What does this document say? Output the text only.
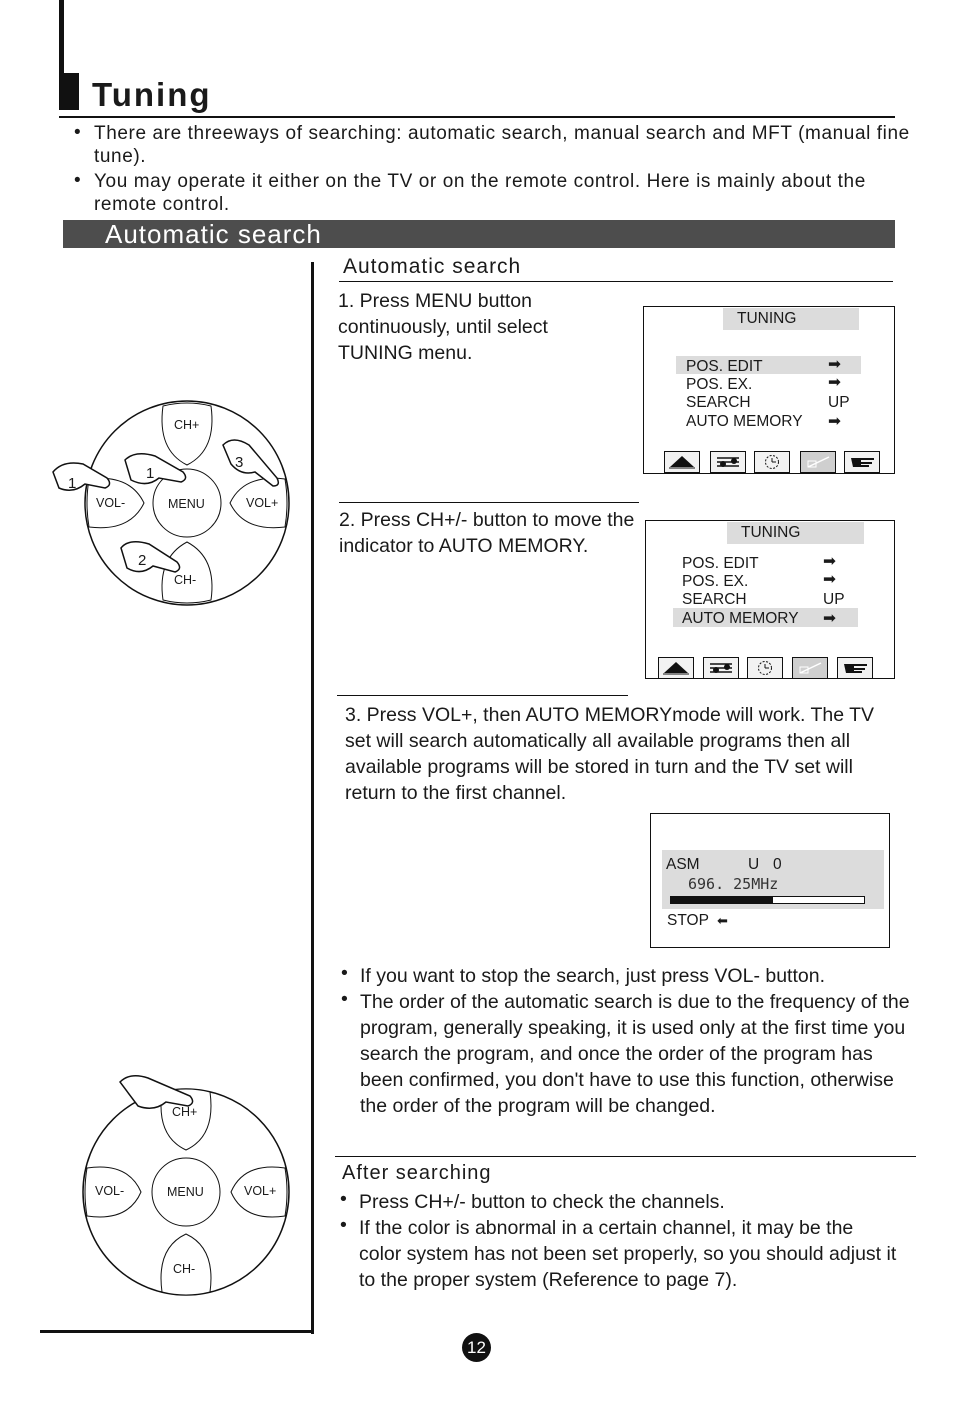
Tuning
• There are threeways of searching: automatic search, manual search and MFT (manual fine tune).
• You may operate it either on the TV or on the remote control. Here is mainly about the remote control.
Automatic search
Automatic search
1. Press MENU button continuously, until select TUNING menu.
TUNING
POS. EDIT	➡
POS. EX.	➡
SEARCH	UP
AUTO MEMORY ➡
2. Press CH+/- button to move the indicator to AUTO MEMORY.
TUNING
POS. EDIT	➡
POS. EX.	➡
SEARCH	UP
AUTO MEMORY ➡
3. Press VOL+, then AUTO MEMORYmode will work. The TV set will search automatically all available programs then all available programs will be stored in turn and the TV set will return to the first channel.
ASM	U 0
696. 25MHz
STOP ⬅
• If you want to stop the search, just press VOL- button.
• The order of the automatic search is due to the frequency of the program, generally speaking, it is used only at the first time you search the program, and once the order of the program has been confirmed, you don't have to use this function, otherwise the order of the program will be changed.
After searching
• Press CH+/- button to check the channels.
• If the color is abnormal in a certain channel, it may be the color system has not been set properly, so you should adjust it to the proper system (Reference to page 7).
CH+
CH-
VOL-	VOL+
MENU
1
1
3
2
CH+
CH-
VOL-	VOL+
MENU
12
